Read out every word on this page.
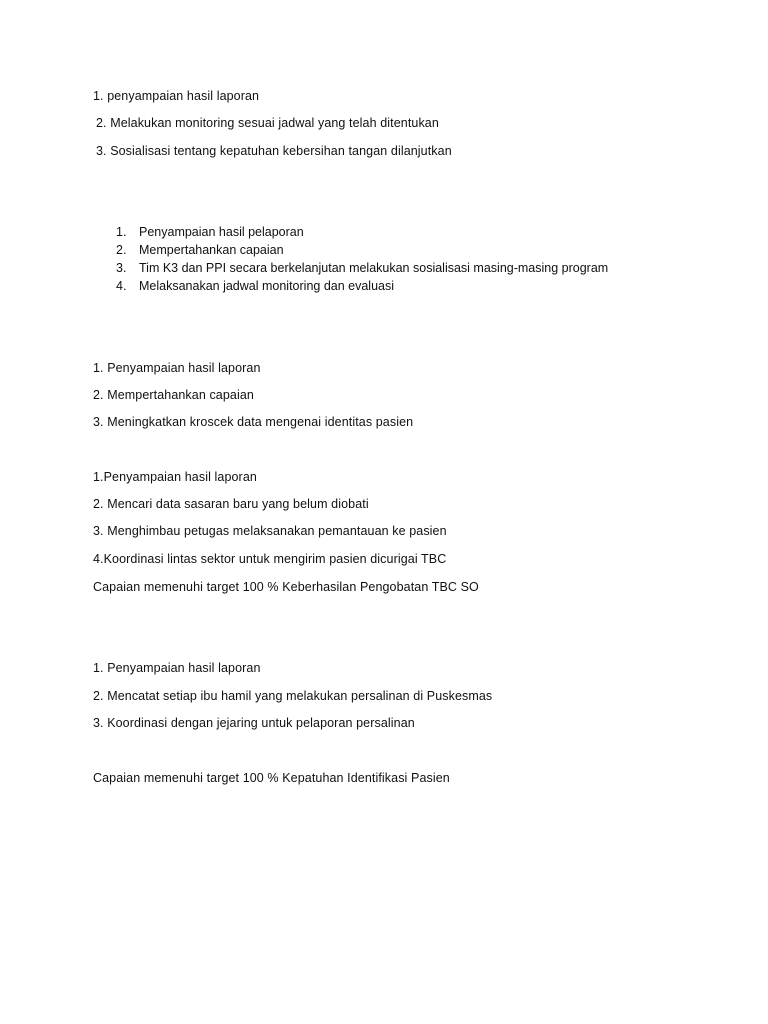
1. penyampaian hasil laporan
2. Melakukan monitoring sesuai jadwal yang telah ditentukan
3. Sosialisasi tentang kepatuhan kebersihan tangan dilanjutkan
1. Penyampaian hasil pelaporan
2. Mempertahankan capaian
3. Tim K3 dan PPI secara berkelanjutan melakukan sosialisasi masing-masing program
4. Melaksanakan jadwal monitoring dan evaluasi
1. Penyampaian hasil laporan
2. Mempertahankan capaian
3. Meningkatkan kroscek data mengenai identitas pasien
1.Penyampaian hasil laporan
2. Mencari data sasaran baru yang belum diobati
3. Menghimbau petugas melaksanakan pemantauan ke pasien
4.Koordinasi lintas sektor untuk mengirim pasien dicurigai TBC
Capaian memenuhi target 100 % Keberhasilan Pengobatan TBC SO
1. Penyampaian hasil laporan
2. Mencatat setiap ibu hamil yang melakukan persalinan di Puskesmas
3. Koordinasi dengan jejaring untuk pelaporan persalinan
Capaian memenuhi target 100 % Kepatuhan Identifikasi Pasien
